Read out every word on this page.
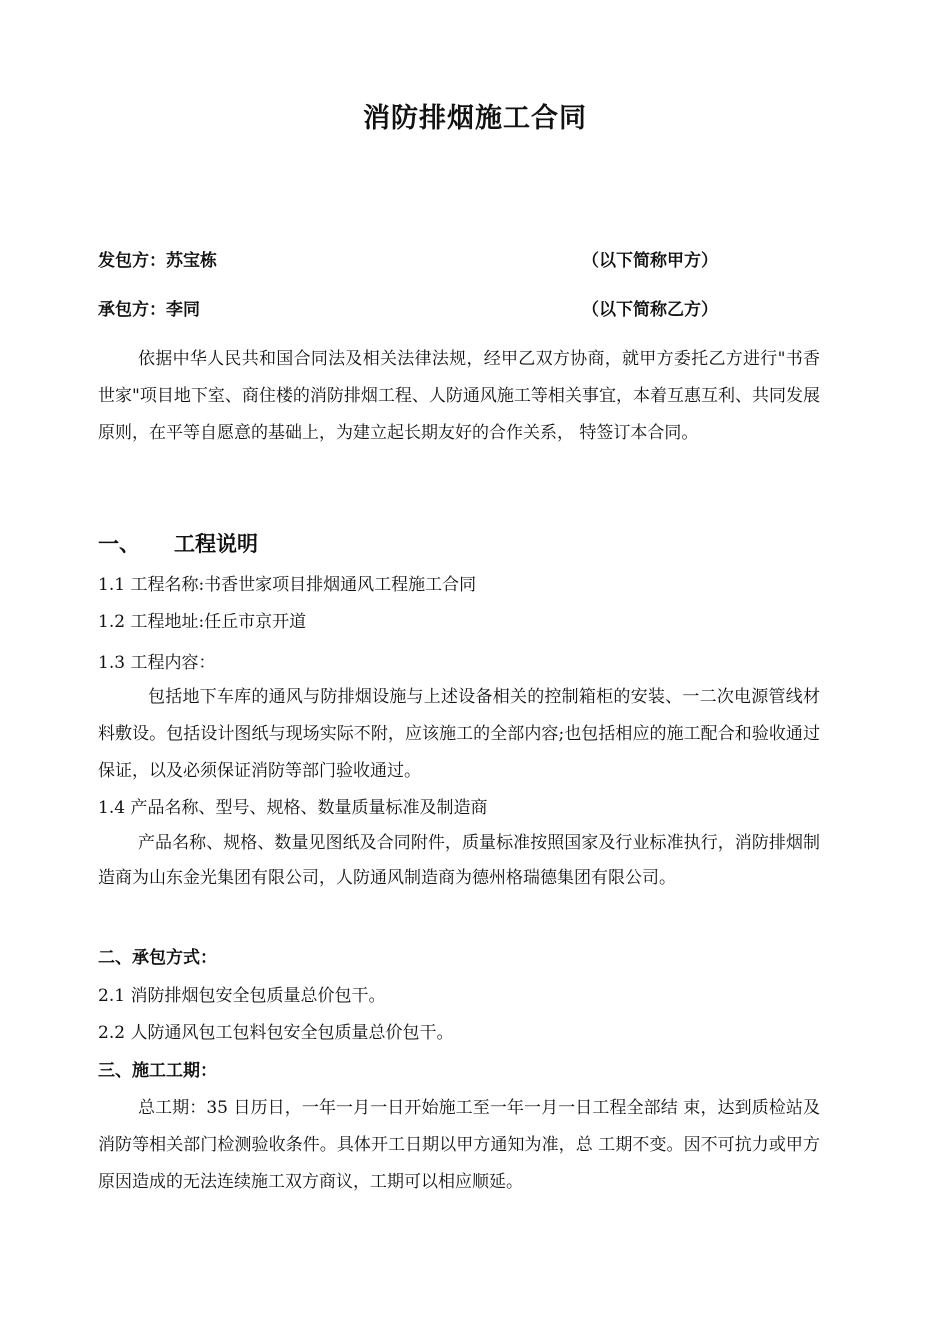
消防排烟施工合同
发包方：苏宝栋	（以下简称甲方）
承包方：李同	（以下简称乙方）
依据中华人民共和国合同法及相关法律法规，经甲乙双方协商，就甲方委托乙方进行"书香世家"项目地下室、商住楼的消防排烟工程、人防通风施工等相关事宜，本着互惠互利、共同发展原则，在平等自愿意的基础上，为建立起长期友好的合作关系， 特签订本合同。
一、 工程说明
1.1 工程名称:书香世家项目排烟通风工程施工合同
1.2 工程地址:任丘市京开道
1.3 工程内容：
包括地下车库的通风与防排烟设施与上述设备相关的控制箱柜的安装、一二次电源管线材料敷设。包括设计图纸与现场实际不附，应该施工的全部内容;也包括相应的施工配合和验收通过保证，以及必须保证消防等部门验收通过。
1.4 产品名称、型号、规格、数量质量标准及制造商
产品名称、规格、数量见图纸及合同附件，质量标准按照国家及行业标准执行，消防排烟制造商为山东金光集团有限公司，人防通风制造商为德州格瑞德集团有限公司。
二、承包方式：
2.1 消防排烟包安全包质量总价包干。
2.2 人防通风包工包料包安全包质量总价包干。
三、施工工期：
总工期：35 日历日，一年一月一日开始施工至一年一月一日工程全部结 束，达到质检站及消防等相关部门检测验收条件。具体开工日期以甲方通知为准，总 工期不变。因不可抗力或甲方原因造成的无法连续施工双方商议，工期可以相应顺延。
